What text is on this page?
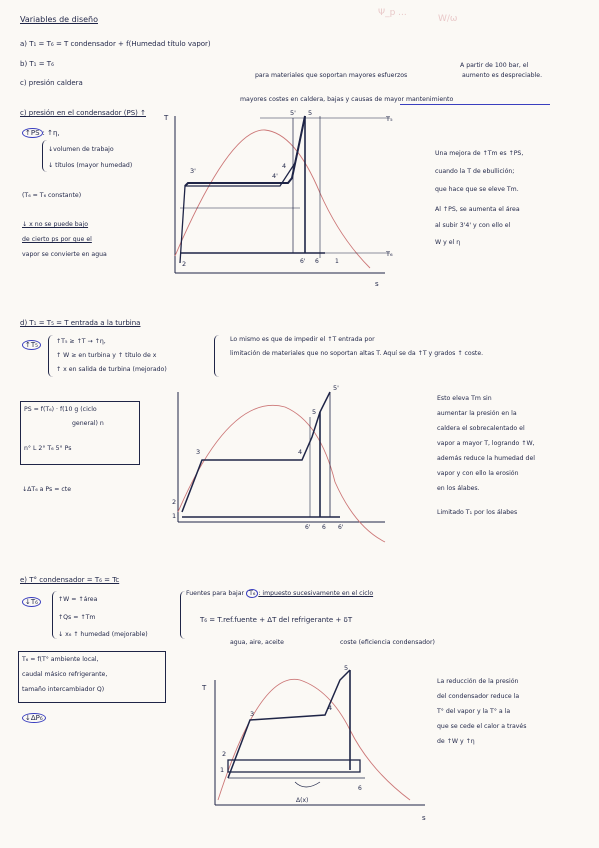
Ψ_p ...
W/ω
Variables de diseño
a) T₁ = T₆ = T condensador + f(Humedad título vapor)
b) T₁ = T₆
c) presión caldera
para materiales que soportan mayores esfuerzos
mayores costes en caldera, bajas y causas de mayor mantenimiento
A partir de 100 bar, el
aumento es despreciable.
c) presión en el condensador (PS) ↑
↑PS : ↑η,
↓volumen de trabajo
↓ títulos (mayor humedad)
(T₆ = T₆ constante)
↓ x no se puede bajo
de cierto ps por que el
vapor se convierte en agua
T
s
5
5'
4
4'
3'
2
T₅
T₆
6' 6	1
Una mejora de ↑Tm es ↑PS,
cuando la T de ebullición;
que hace que se eleve Tm.
Al ↑PS, se aumenta el área
al subir 3'4' y con ello el
W y el η
d) T₁ = T₅ = T entrada a la turbina
↑T₅	↑T₅ ≥ ↑T → ↑η,
↑ W ≥ en turbina y ↑ título de x
↑ x en salida de turbina (mejorado)
Lo mismo es que de impedir el ↑T entrada por
limitación de materiales que no soportan altas T. Aquí se da ↑T y grados ↑ coste.
PS = f(T₆) · f(10 g (ciclo
general) n
n° L 2° T₆ 5° Ps
↓ΔT₆ a Ps = cte
5'
5
4
3
2
1
6' 6 6'
Esto eleva Tm sin
aumentar la presión en la
caldera el sobrecalentado el
vapor a mayor T, logrando ↑W,
además reduce la humedad del
vapor y con ello la erosión
en los álabes.
Limitado T₁ por los álabes
e) T° condensador = T₆ = Tc
↓T₆	↑W = ↑área
↑Qs = ↑Tm
↓ x₆ ↑ humedad (mejorable)
Fuentes para bajar T₆ : impuesto sucesivamente en el ciclo
T₆ = T.ref.fuente + ΔT del refrigerante + δT
agua, aire, aceite	coste (eficiencia condensador)
T₆ = f(T° ambiente local,
caudal másico refrigerante,
tamaño intercambiador Q)
↓ΔP₆
T
s
5
4
3
2
1
6
Δ(x)
La reducción de la presión
del condensador reduce la
T° del vapor y la T° a la
que se cede el calor a través
de ↑W y ↑η
